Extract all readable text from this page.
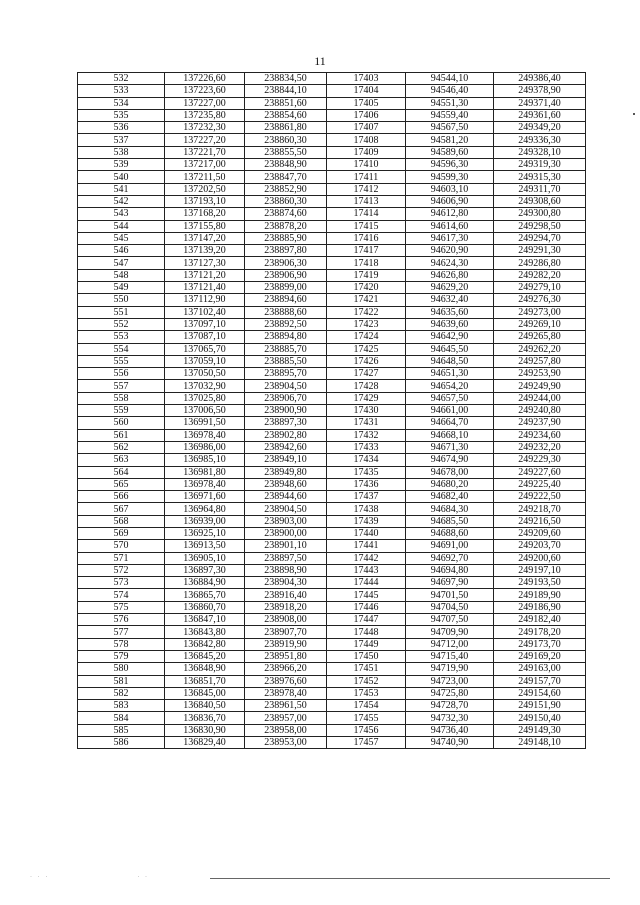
11
532	137226,60	238834,50	17403	94544,10	249386,40
533	137223,60	238844,10	17404	94546,40	249378,90
534	137227,00	238851,60	17405	94551,30	249371,40
535	137235,80	238854,60	17406	94559,40	249361,60
536	137232,30	238861,80	17407	94567,50	249349,20
537	137227,20	238860,30	17408	94581,20	249336,30
538	137221,70	238855,50	17409	94589,60	249328,10
539	137217,00	238848,90	17410	94596,30	249319,30
540	137211,50	238847,70	17411	94599,30	249315,30
541	137202,50	238852,90	17412	94603,10	249311,70
542	137193,10	238860,30	17413	94606,90	249308,60
543	137168,20	238874,60	17414	94612,80	249300,80
544	137155,80	238878,20	17415	94614,60	249298,50
545	137147,20	238885,90	17416	94617,30	249294,70
546	137139,20	238897,80	17417	94620,90	249291,30
547	137127,30	238906,30	17418	94624,30	249286,80
548	137121,20	238906,90	17419	94626,80	249282,20
549	137121,40	238899,00	17420	94629,20	249279,10
550	137112,90	238894,60	17421	94632,40	249276,30
551	137102,40	238888,60	17422	94635,60	249273,00
552	137097,10	238892,50	17423	94639,60	249269,10
553	137087,10	238894,80	17424	94642,90	249265,80
554	137065,70	238885,70	17425	94645,50	249262,20
555	137059,10	238885,50	17426	94648,50	249257,80
556	137050,50	238895,70	17427	94651,30	249253,90
557	137032,90	238904,50	17428	94654,20	249249,90
558	137025,80	238906,70	17429	94657,50	249244,00
559	137006,50	238900,90	17430	94661,00	249240,80
560	136991,50	238897,30	17431	94664,70	249237,90
561	136978,40	238902,80	17432	94668,10	249234,60
562	136986,00	238942,60	17433	94671,30	249232,20
563	136985,10	238949,10	17434	94674,90	249229,30
564	136981,80	238949,80	17435	94678,00	249227,60
565	136978,40	238948,60	17436	94680,20	249225,40
566	136971,60	238944,60	17437	94682,40	249222,50
567	136964,80	238904,50	17438	94684,30	249218,70
568	136939,00	238903,00	17439	94685,50	249216,50
569	136925,10	238900,00	17440	94688,60	249209,60
570	136913,50	238901,10	17441	94691,00	249203,70
571	136905,10	238897,50	17442	94692,70	249200,60
572	136897,30	238898,90	17443	94694,80	249197,10
573	136884,90	238904,30	17444	94697,90	249193,50
574	136865,70	238916,40	17445	94701,50	249189,90
575	136860,70	238918,20	17446	94704,50	249186,90
576	136847,10	238908,00	17447	94707,50	249182,40
577	136843,80	238907,70	17448	94709,90	249178,20
578	136842,80	238919,90	17449	94712,00	249173,70
579	136845,20	238951,80	17450	94715,40	249169,20
580	136848,90	238966,20	17451	94719,90	249163,00
581	136851,70	238976,60	17452	94723,00	249157,70
582	136845,00	238978,40	17453	94725,80	249154,60
583	136840,50	238961,50	17454	94728,70	249151,90
584	136836,70	238957,00	17455	94732,30	249150,40
585	136830,90	238958,00	17456	94736,40	249149,30
586	136829,40	238953,00	17457	94740,90	249148,10
· · ·                        · ·
